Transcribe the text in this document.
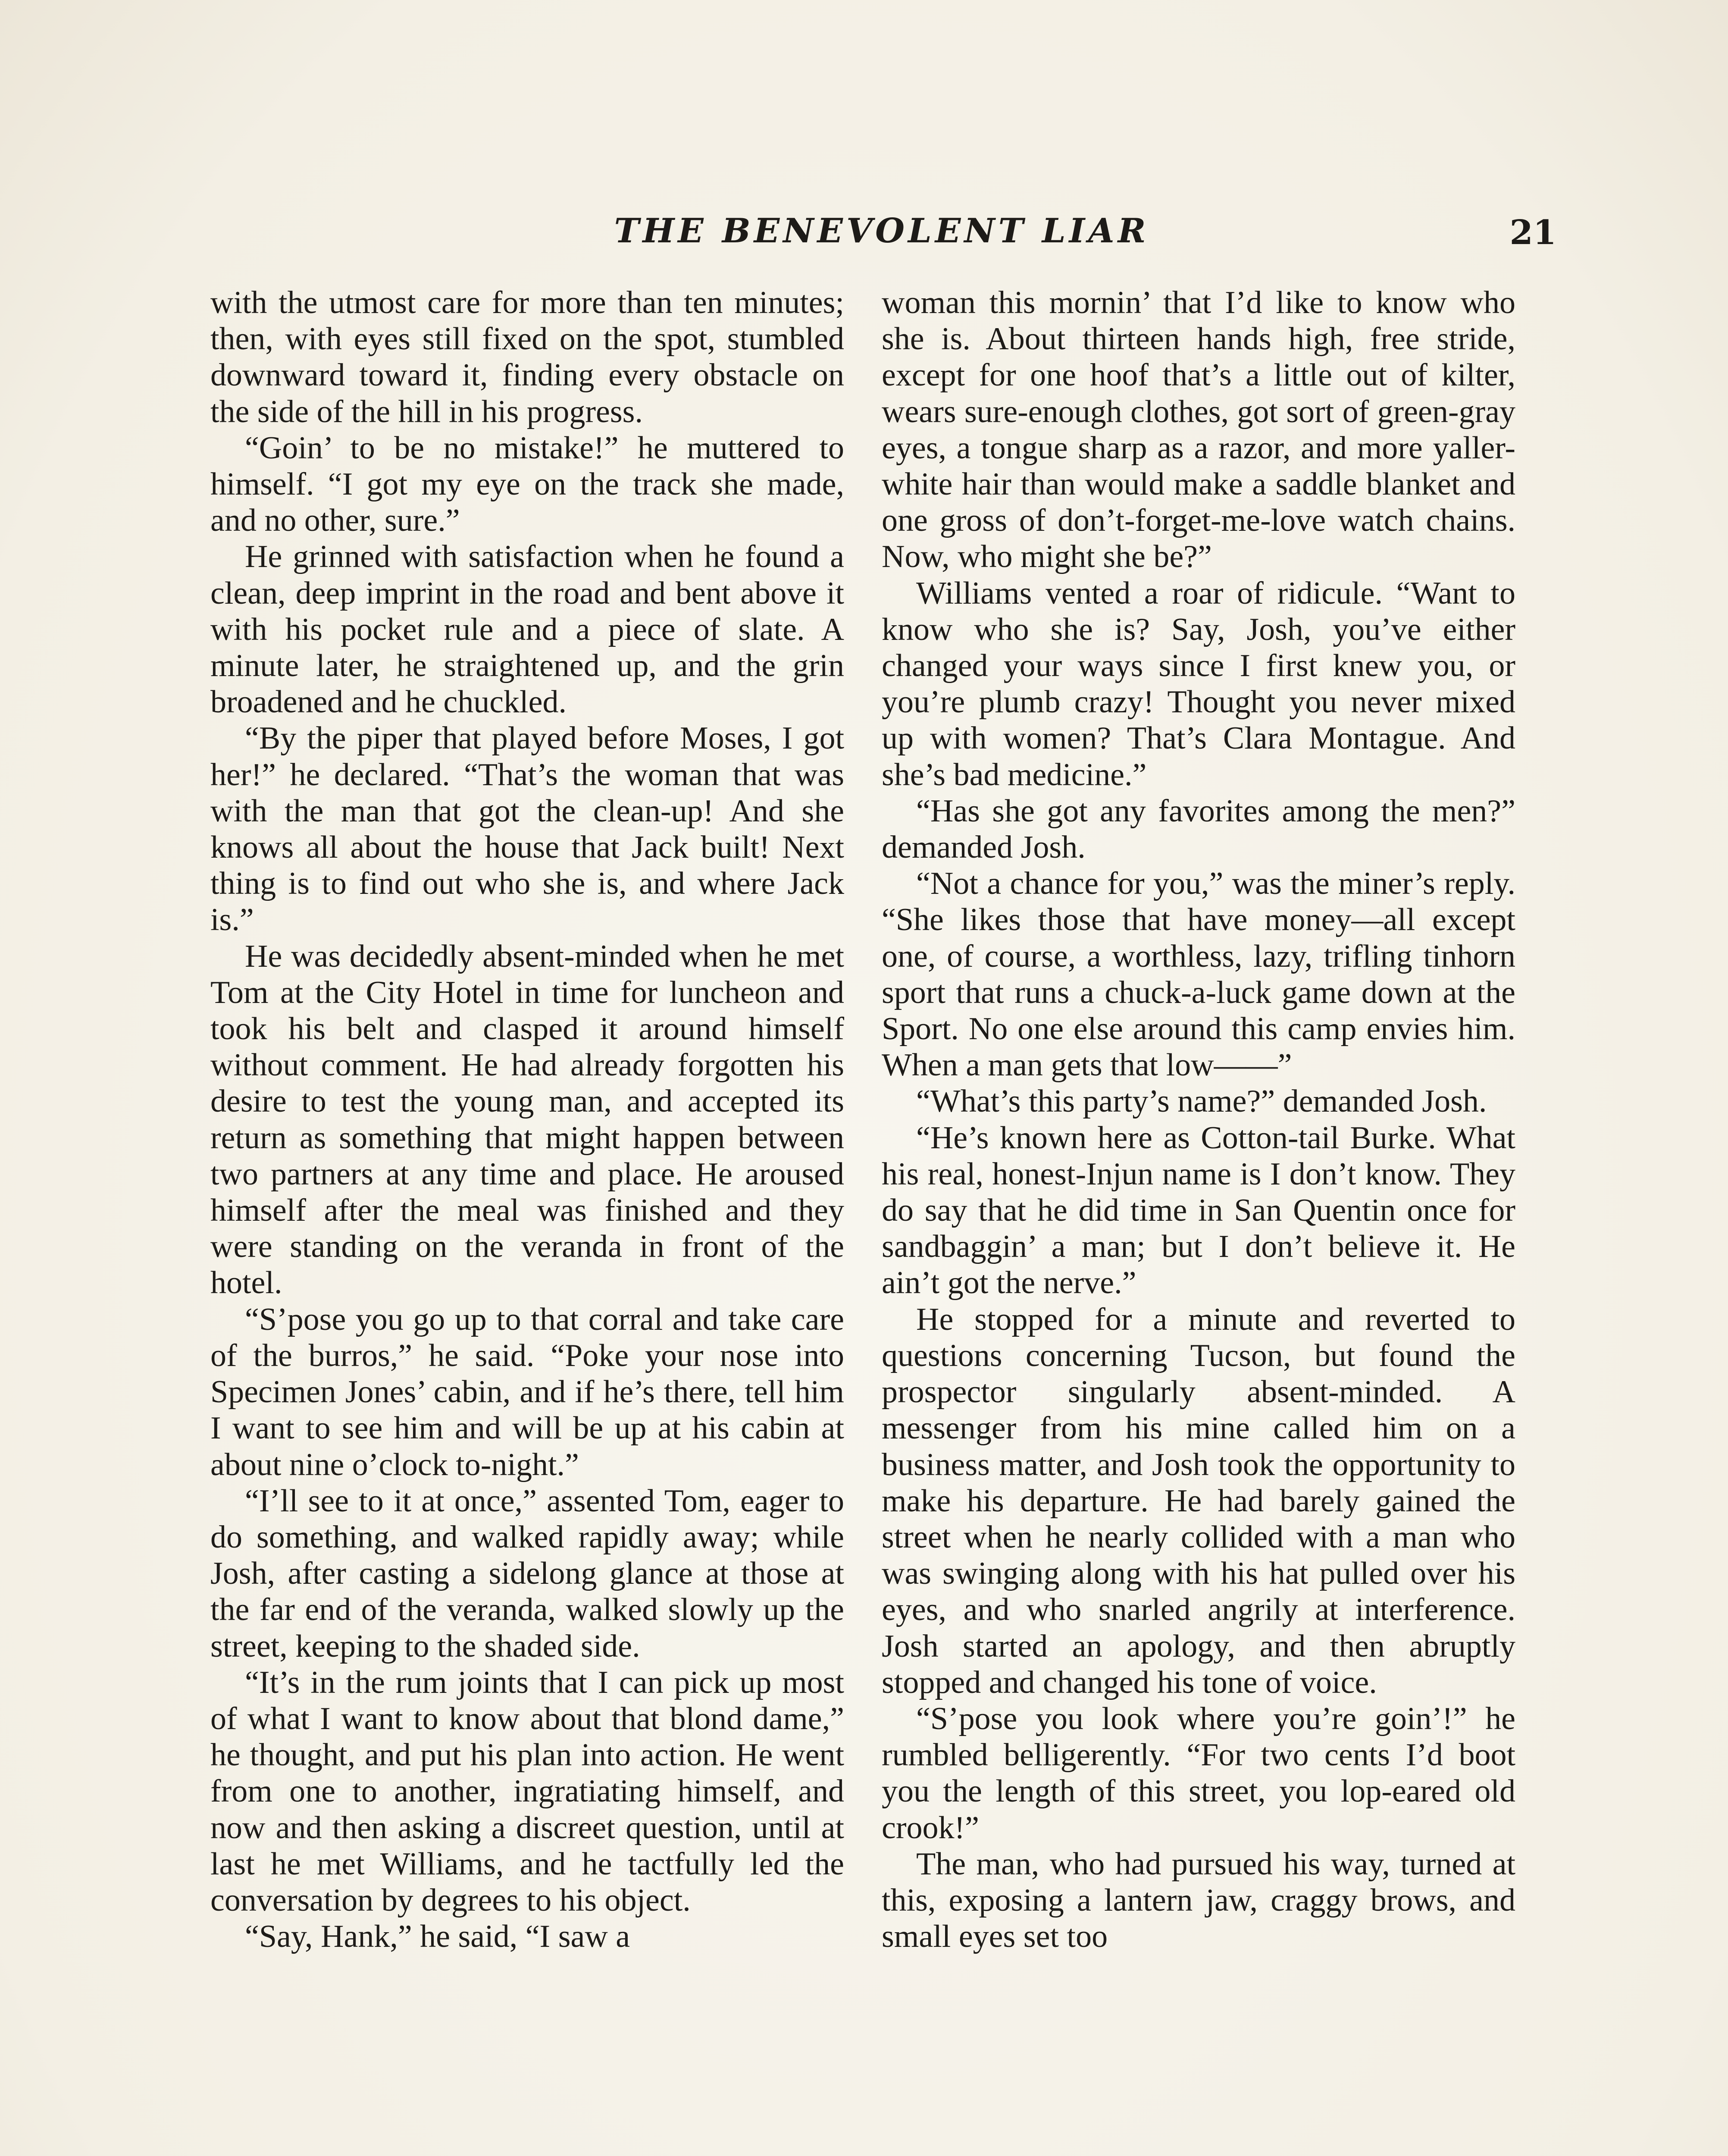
THE BENEVOLENT LIAR	21

with the utmost care for more than ten minutes; then, with eyes still fixed on the spot, stumbled downward toward it, finding every obstacle on the side of the hill in his progress.

“Goin’ to be no mistake!” he muttered to himself. “I got my eye on the track she made, and no other, sure.”

He grinned with satisfaction when he found a clean, deep imprint in the road and bent above it with his pocket rule and a piece of slate. A minute later, he straightened up, and the grin broadened and he chuckled.

“By the piper that played before Moses, I got her!” he declared. “That’s the woman that was with the man that got the clean-up! And she knows all about the house that Jack built! Next thing is to find out who she is, and where Jack is.”

He was decidedly absent-minded when he met Tom at the City Hotel in time for luncheon and took his belt and clasped it around himself without comment. He had already forgotten his desire to test the young man, and accepted its return as something that might happen between two partners at any time and place. He aroused himself after the meal was finished and they were standing on the veranda in front of the hotel.

“S’pose you go up to that corral and take care of the burros,” he said. “Poke your nose into Specimen Jones’ cabin, and if he’s there, tell him I want to see him and will be up at his cabin at about nine o’clock to-night.”

“I’ll see to it at once,” assented Tom, eager to do something, and walked rapidly away; while Josh, after casting a sidelong glance at those at the far end of the veranda, walked slowly up the street, keeping to the shaded side.

“It’s in the rum joints that I can pick up most of what I want to know about that blond dame,” he thought, and put his plan into action. He went from one to another, ingratiating himself, and now and then asking a discreet question, until at last he met Williams, and he tactfully led the conversation by degrees to his object.

“Say, Hank,” he said, “I saw a

woman this mornin’ that I’d like to know who she is. About thirteen hands high, free stride, except for one hoof that’s a little out of kilter, wears sure-enough clothes, got sort of green-gray eyes, a tongue sharp as a razor, and more yaller-white hair than would make a saddle blanket and one gross of don’t-forget-me-love watch chains. Now, who might she be?”

Williams vented a roar of ridicule. “Want to know who she is? Say, Josh, you’ve either changed your ways since I first knew you, or you’re plumb crazy! Thought you never mixed up with women? That’s Clara Montague. And she’s bad medicine.”

“Has she got any favorites among the men?” demanded Josh.

“Not a chance for you,” was the miner’s reply. “She likes those that have money—all except one, of course, a worthless, lazy, trifling tinhorn sport that runs a chuck-a-luck game down at the Sport. No one else around this camp envies him. When a man gets that low——”

“What’s this party’s name?” demanded Josh.

“He’s known here as Cotton-tail Burke. What his real, honest-Injun name is I don’t know. They do say that he did time in San Quentin once for sandbaggin’ a man; but I don’t believe it. He ain’t got the nerve.”

He stopped for a minute and reverted to questions concerning Tucson, but found the prospector singularly absent-minded. A messenger from his mine called him on a business matter, and Josh took the opportunity to make his departure. He had barely gained the street when he nearly collided with a man who was swinging along with his hat pulled over his eyes, and who snarled angrily at interference. Josh started an apology, and then abruptly stopped and changed his tone of voice.

“S’pose you look where you’re goin’!” he rumbled belligerently. “For two cents I’d boot you the length of this street, you lop-eared old crook!”

The man, who had pursued his way, turned at this, exposing a lantern jaw, craggy brows, and small eyes set too
